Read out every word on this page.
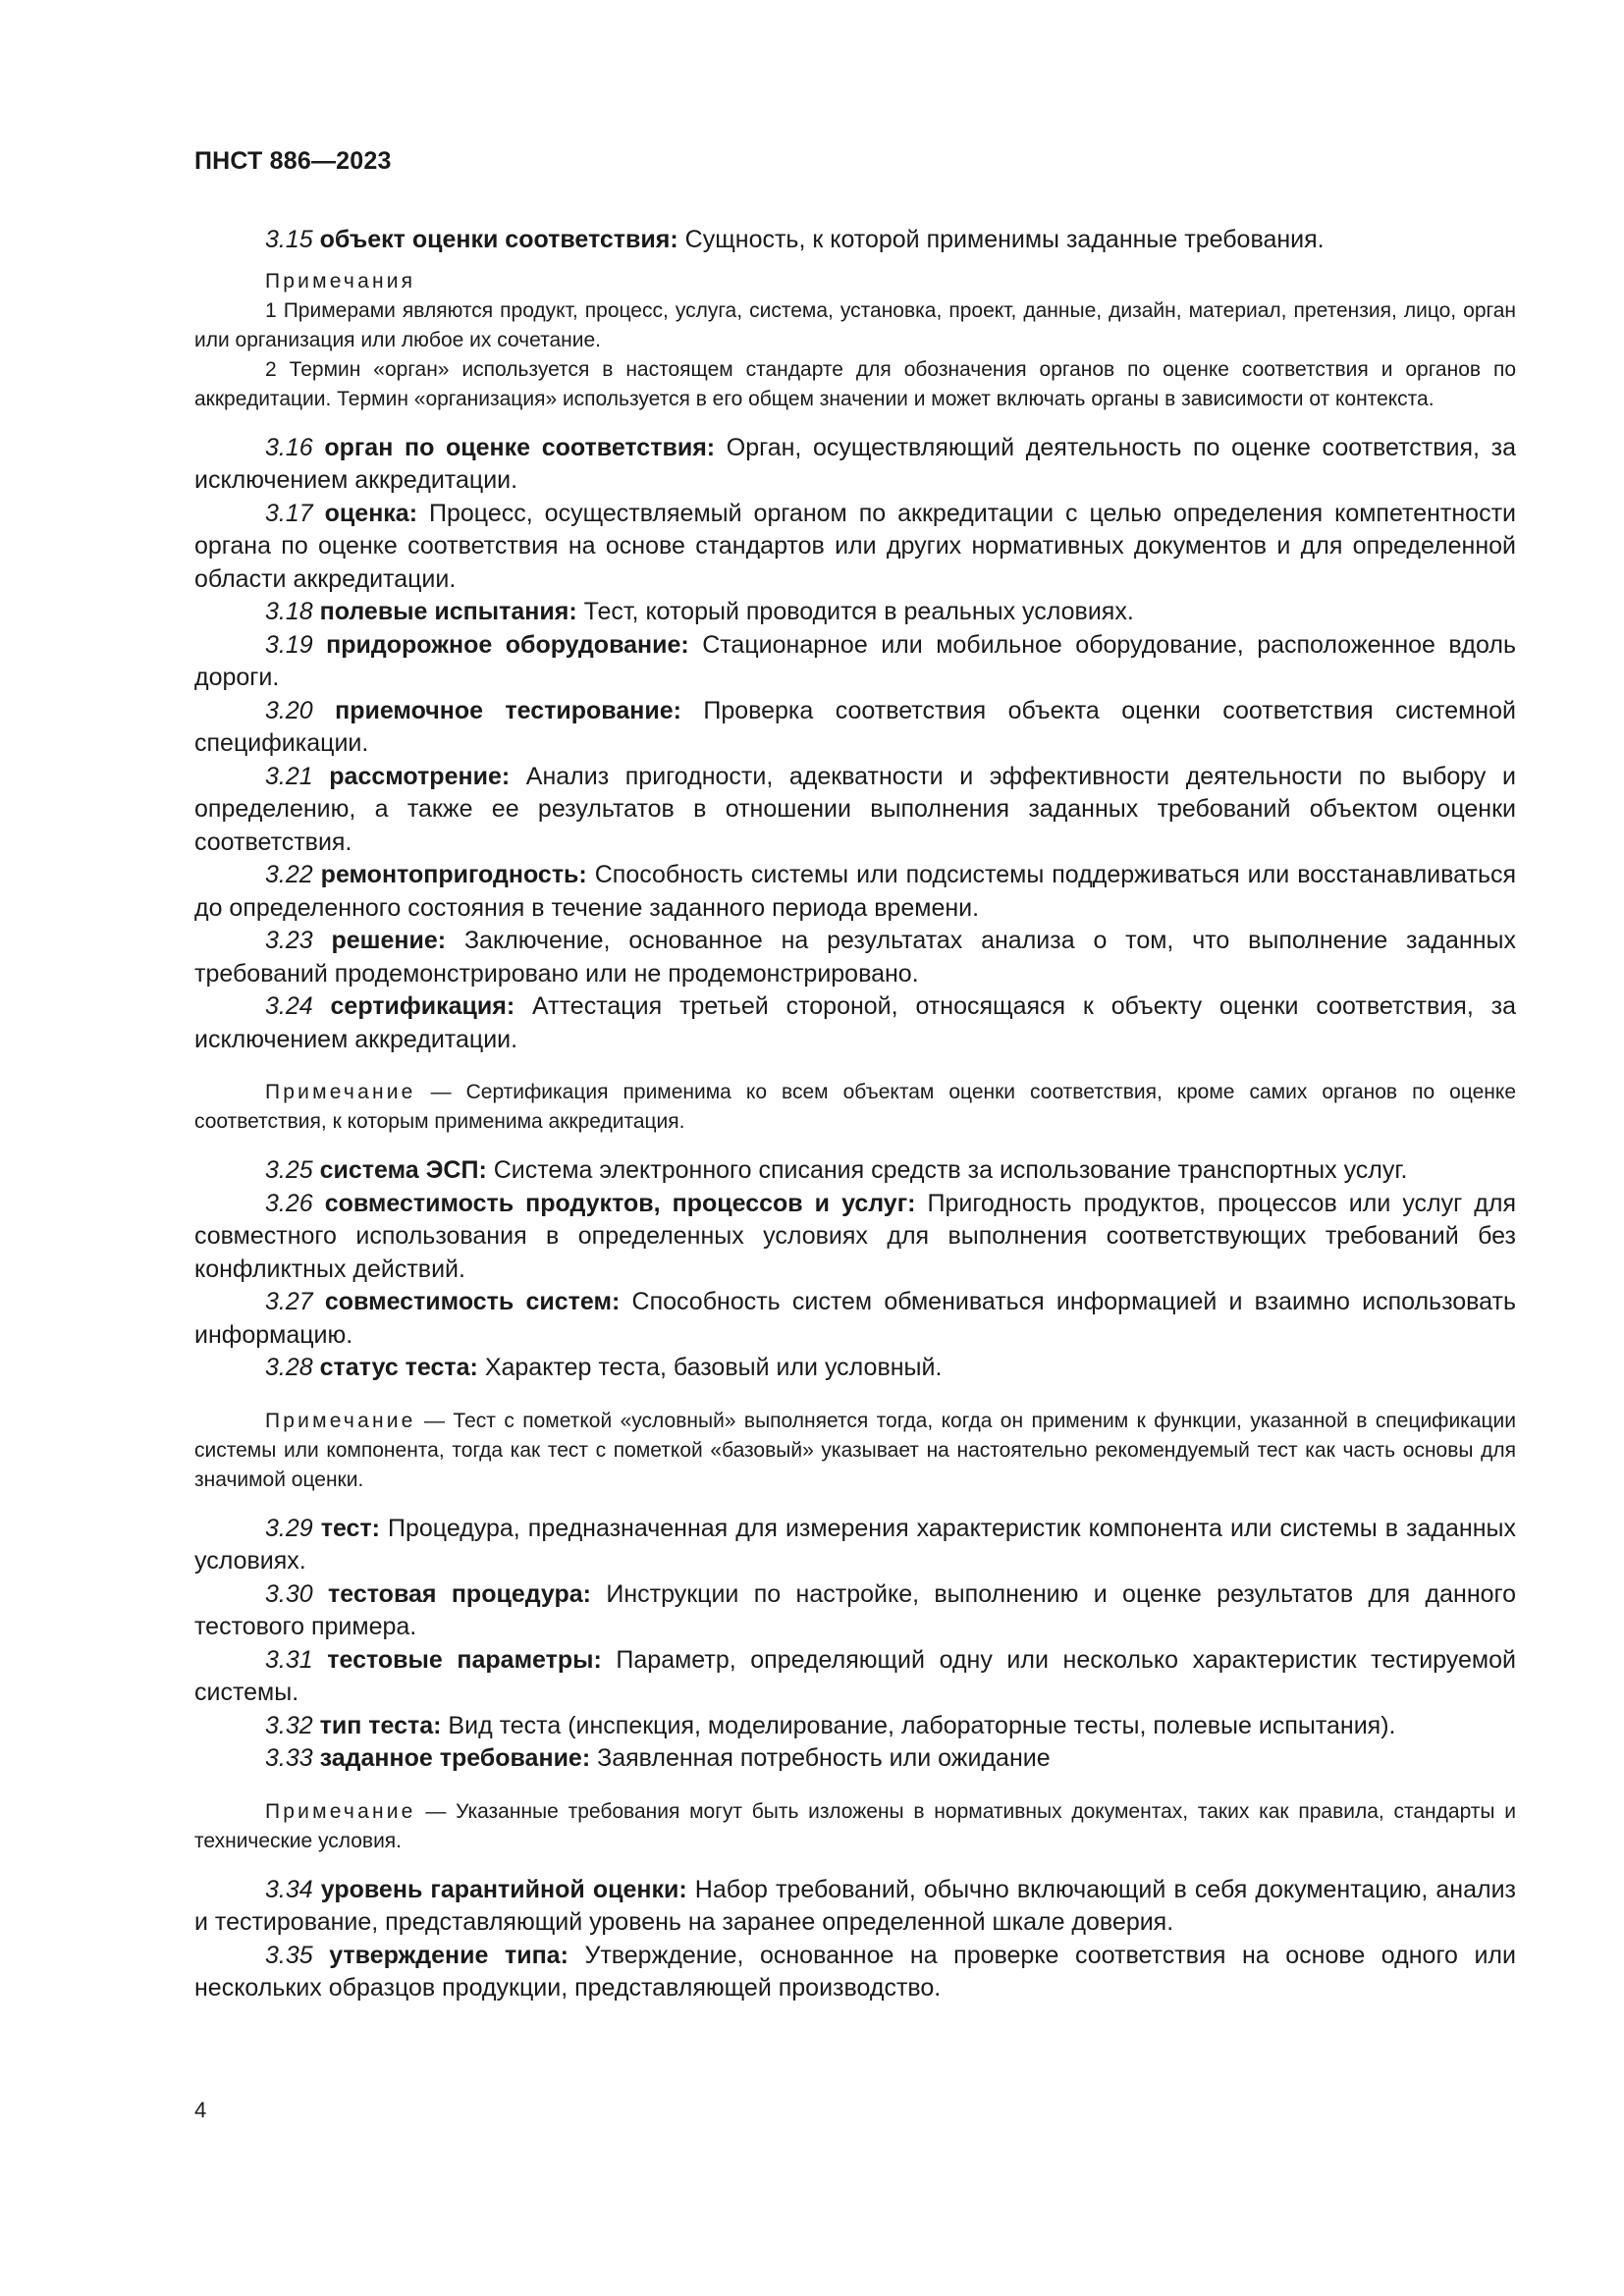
ПНСТ 886—2023

3.15 объект оценки соответствия: Сущность, к которой применимы заданные требования.

Примечания

1 Примерами являются продукт, процесс, услуга, система, установка, проект, данные, дизайн, материал, претензия, лицо, орган или организация или любое их сочетание.

2 Термин «орган» используется в настоящем стандарте для обозначения органов по оценке соответствия и органов по аккредитации. Термин «организация» используется в его общем значении и может включать органы в зависимости от контекста.

3.16 орган по оценке соответствия: Орган, осуществляющий деятельность по оценке соответствия, за исключением аккредитации.

3.17 оценка: Процесс, осуществляемый органом по аккредитации с целью определения компетентности органа по оценке соответствия на основе стандартов или других нормативных документов и для определенной области аккредитации.

3.18 полевые испытания: Тест, который проводится в реальных условиях.

3.19 придорожное оборудование: Стационарное или мобильное оборудование, расположенное вдоль дороги.

3.20 приемочное тестирование: Проверка соответствия объекта оценки соответствия системной спецификации.

3.21 рассмотрение: Анализ пригодности, адекватности и эффективности деятельности по выбору и определению, а также ее результатов в отношении выполнения заданных требований объектом оценки соответствия.

3.22 ремонтопригодность: Способность системы или подсистемы поддерживаться или восстанавливаться до определенного состояния в течение заданного периода времени.

3.23 решение: Заключение, основанное на результатах анализа о том, что выполнение заданных требований продемонстрировано или не продемонстрировано.

3.24 сертификация: Аттестация третьей стороной, относящаяся к объекту оценки соответствия, за исключением аккредитации.

Примечание — Сертификация применима ко всем объектам оценки соответствия, кроме самих органов по оценке соответствия, к которым применима аккредитация.

3.25 система ЭСП: Система электронного списания средств за использование транспортных услуг.

3.26 совместимость продуктов, процессов и услуг: Пригодность продуктов, процессов или услуг для совместного использования в определенных условиях для выполнения соответствующих требований без конфликтных действий.

3.27 совместимость систем: Способность систем обмениваться информацией и взаимно использовать информацию.

3.28 статус теста: Характер теста, базовый или условный.

Примечание — Тест с пометкой «условный» выполняется тогда, когда он применим к функции, указанной в спецификации системы или компонента, тогда как тест с пометкой «базовый» указывает на настоятельно рекомендуемый тест как часть основы для значимой оценки.

3.29 тест: Процедура, предназначенная для измерения характеристик компонента или системы в заданных условиях.

3.30 тестовая процедура: Инструкции по настройке, выполнению и оценке результатов для данного тестового примера.

3.31 тестовые параметры: Параметр, определяющий одну или несколько характеристик тестируемой системы.

3.32 тип теста: Вид теста (инспекция, моделирование, лабораторные тесты, полевые испытания).

3.33 заданное требование: Заявленная потребность или ожидание

Примечание — Указанные требования могут быть изложены в нормативных документах, таких как правила, стандарты и технические условия.

3.34 уровень гарантийной оценки: Набор требований, обычно включающий в себя документацию, анализ и тестирование, представляющий уровень на заранее определенной шкале доверия.

3.35 утверждение типа: Утверждение, основанное на проверке соответствия на основе одного или нескольких образцов продукции, представляющей производство.

4
